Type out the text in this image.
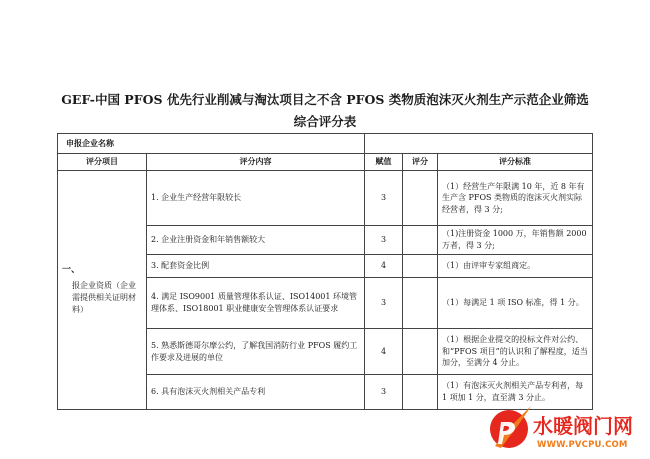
GEF-中国 PFOS 优先行业削减与淘汰项目之不含 PFOS 类物质泡沫灭火剂生产示范企业筛选
综合评分表
申报企业名称				
评分项目	评分内容	赋值	评分	评分标准

一、
报企业资质（企业需提供相关证明材料）	1. 企业生产经营年限较长	3		（1）经营生产年限满 10 年，近 8 年有生产含 PFOS 类物质的泡沫灭火剂实际经营者，得 3 分;
	2. 企业注册资金和年销售额较大	3		（1)注册资金 1000 万，年销售额 2000 万者，得 3 分;
	3. 配套资金比例	4		（1）由评审专家组商定。
	4. 满足 ISO9001 质量管理体系认证、ISO14001 环境管理体系、ISO18001 职业健康安全管理体系认证要求	3		（1）每满足 1 项 ISO 标准，得 1 分。
	5. 熟悉斯德哥尔摩公约，了解我国消防行业 PFOS 履约工作要求及进展的单位	4		（1）根据企业提交的投标文件对公约、和“PFOS 项目”的认识和了解程度，适当加分，至满分 4 分止。
	6. 具有泡沫灭火剂相关产品专利	3		（1）有泡沫灭火剂相关产品专利者，每 1 项加 1 分，直至满 3 分止。
水暖阀门网
WWW.PVCPU.COM
